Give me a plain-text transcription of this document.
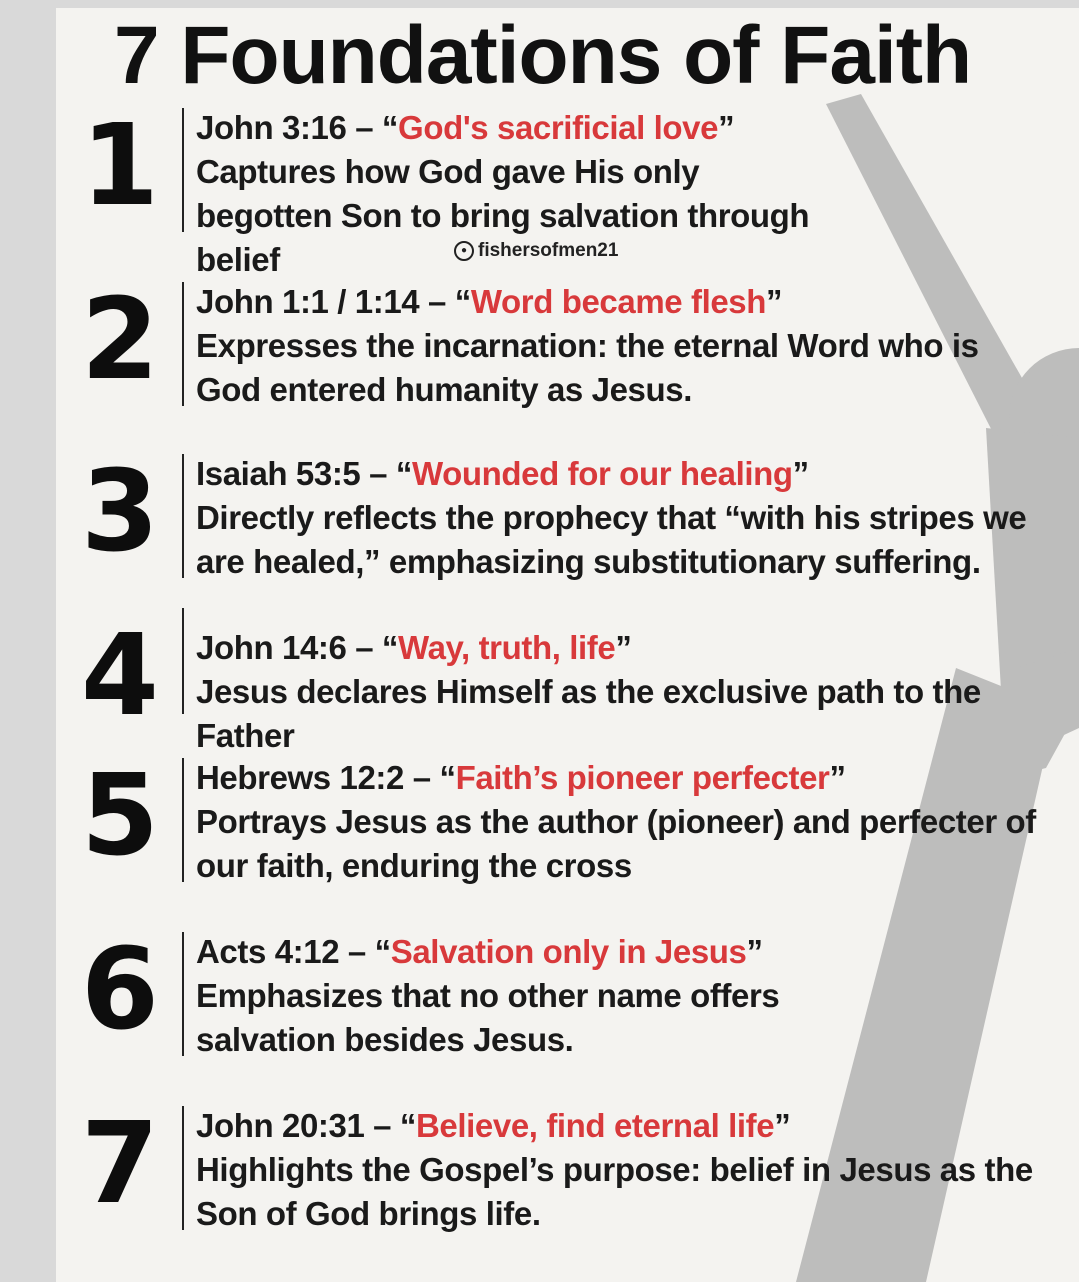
7 Foundations of Faith
● fishersofmen21
1	John 3:16 – “God's sacrificial love”
Captures how God gave His only begotten Son to bring salvation through belief
2	John 1:1 / 1:14 – “Word became flesh”
Expresses the incarnation: the eternal Word who is God entered humanity as Jesus.
3	Isaiah 53:5 – “Wounded for our healing”
Directly reflects the prophecy that “with his stripes we are healed,” emphasizing substitutionary suffering.
4	John 14:6 – “Way, truth, life”
Jesus declares Himself as the exclusive path to the Father
5	Hebrews 12:2 – “Faith’s pioneer perfecter”
Portrays Jesus as the author (pioneer) and perfecter of our faith, enduring the cross
6	Acts 4:12 – “Salvation only in Jesus”
Emphasizes that no other name offers salvation besides Jesus.
7	John 20:31 – “Believe, find eternal life”
Highlights the Gospel’s purpose: belief in Jesus as the Son of God brings life.
